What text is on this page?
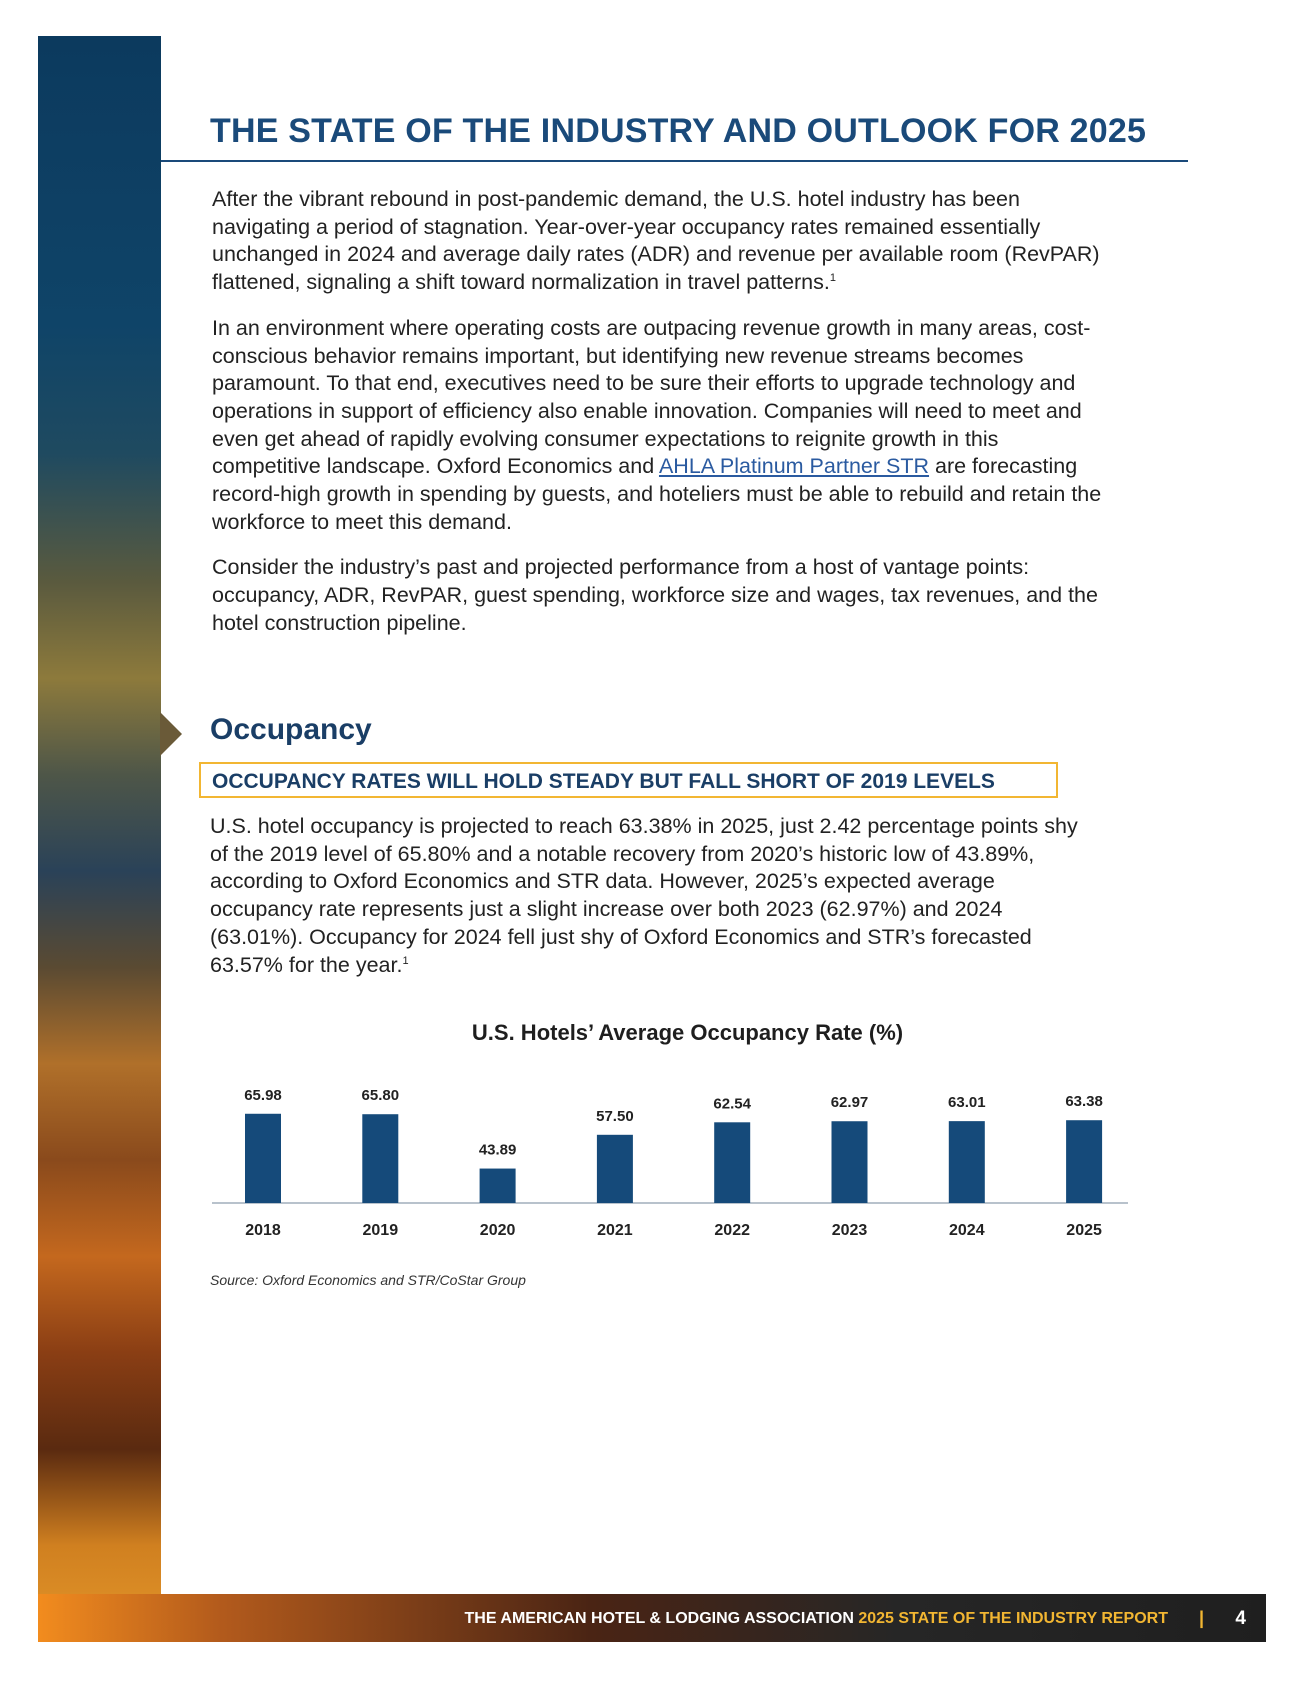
THE STATE OF THE INDUSTRY AND OUTLOOK FOR 2025

After the vibrant rebound in post-pandemic demand, the U.S. hotel industry has been navigating a period of stagnation. Year-over-year occupancy rates remained essentially unchanged in 2024 and average daily rates (ADR) and revenue per available room (RevPAR) flattened, signaling a shift toward normalization in travel patterns.$^1$

In an environment where operating costs are outpacing revenue growth in many areas, cost-conscious behavior remains important, but identifying new revenue streams becomes paramount. To that end, executives need to be sure their efforts to upgrade technology and operations in support of efficiency also enable innovation. Companies will need to meet and even get ahead of rapidly evolving consumer expectations to reignite growth in this competitive landscape. Oxford Economics and AHLA Platinum Partner STR are forecasting record-high growth in spending by guests, and hoteliers must be able to rebuild and retain the workforce to meet this demand.

Consider the industry’s past and projected performance from a host of vantage points: occupancy, ADR, RevPAR, guest spending, workforce size and wages, tax revenues, and the hotel construction pipeline.

Occupancy
OCCUPANCY RATES WILL HOLD STEADY BUT FALL SHORT OF 2019 LEVELS

U.S. hotel occupancy is projected to reach 63.38% in 2025, just 2.42 percentage points shy of the 2019 level of 65.80% and a notable recovery from 2020’s historic low of 43.89%, according to Oxford Economics and STR data. However, 2025’s expected average occupancy rate represents just a slight increase over both 2023 (62.97%) and 2024 (63.01%). Occupancy for 2024 fell just shy of Oxford Economics and STR’s forecasted 63.57% for the year.$^1$

U.S. Hotels’ Average Occupancy Rate (%)
65.98
2018
65.80
2019
43.89
2020
57.50
2021
62.54
2022
62.97
2023
63.01
2024
63.38
2025
Source: Oxford Economics and STR/CoStar Group
THE AMERICAN HOTEL & LODGING ASSOCIATION 2025 STATE OF THE INDUSTRY REPORT | 4
